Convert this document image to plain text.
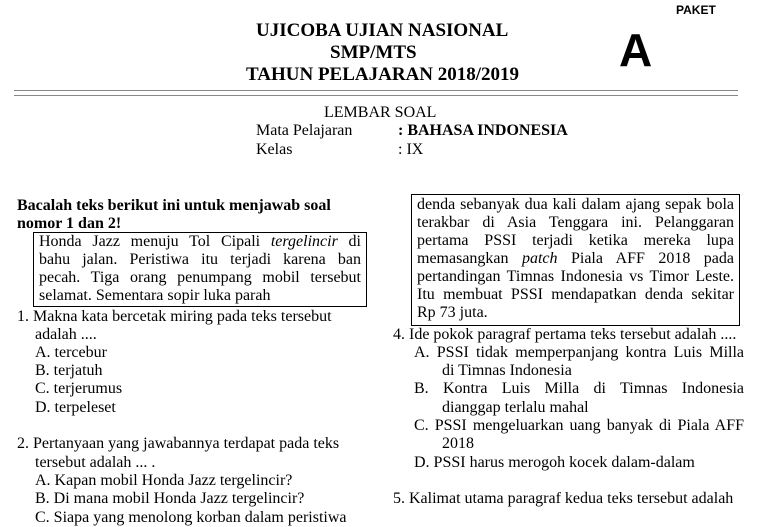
PAKET
A
UJICOBA UJIAN NASIONAL
SMP/MTS
TAHUN PELAJARAN 2018/2019
LEMBAR SOAL
Mata Pelajaran	: BAHASA INDONESIA
Kelas	: IX
Bacalah teks berikut ini untuk menjawab soal
nomor 1 dan 2!
Honda Jazz menuju Tol Cipali tergelincir di
bahu jalan. Peristiwa itu terjadi karena ban
pecah. Tiga orang penumpang mobil tersebut
selamat. Sementara sopir luka parah
1. Makna kata bercetak miring pada teks tersebut
adalah ....
A. tercebur
B. terjatuh
C. terjerumus
D. terpeleset
2. Pertanyaan yang jawabannya terdapat pada teks
tersebut adalah ... .
A. Kapan mobil Honda Jazz tergelincir?
B. Di mana mobil Honda Jazz tergelincir?
C. Siapa yang menolong korban dalam peristiwa
denda sebanyak dua kali dalam ajang sepak bola
terakbar di Asia Tenggara ini. Pelanggaran
pertama PSSI terjadi ketika mereka lupa
memasangkan patch Piala AFF 2018 pada
pertandingan Timnas Indonesia vs Timor Leste.
Itu membuat PSSI mendapatkan denda sekitar
Rp 73 juta.
4. Ide pokok paragraf pertama teks tersebut adalah ....
A. PSSI tidak memperpanjang kontra Luis Milla
di Timnas Indonesia
B. Kontra Luis Milla di Timnas Indonesia
dianggap terlalu mahal
C. PSSI mengeluarkan uang banyak di Piala AFF
2018
D. PSSI harus merogoh kocek dalam-dalam
5. Kalimat utama paragraf kedua teks tersebut adalah
